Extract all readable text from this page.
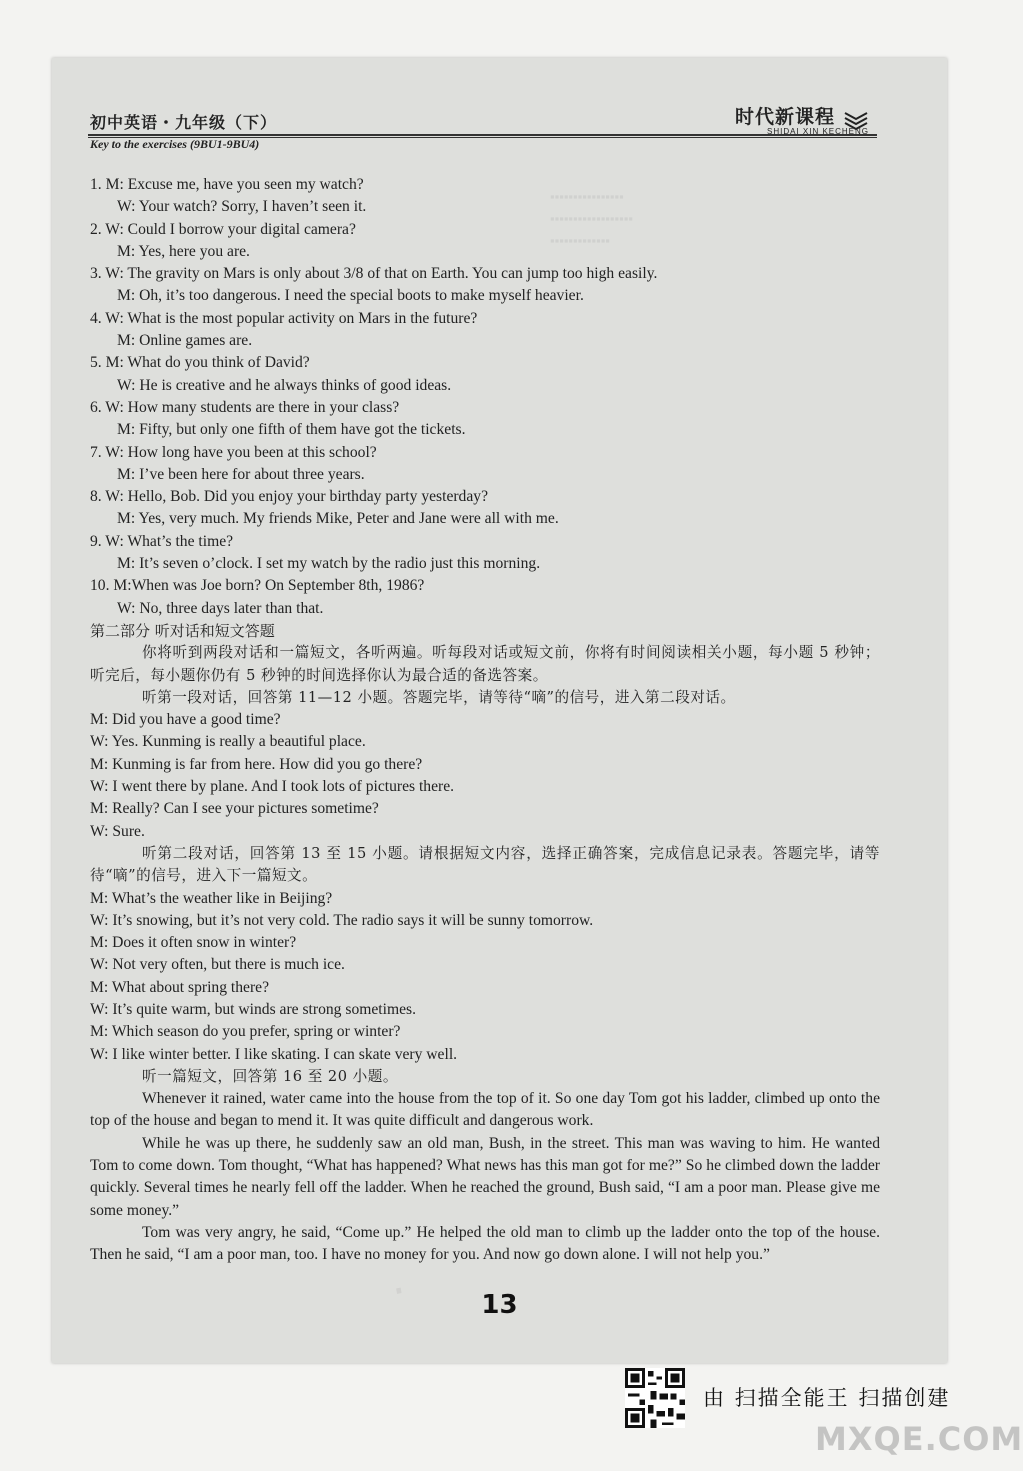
初中英语・九年级（下）
Key to the exercises (9BU1-9BU4)
时代新课程
SHIDAI XIN KECHENG
▪▪▪▪▪▪▪▪▪▪▪▪▪▪▪▪
▪▪▪▪▪▪▪▪▪▪▪▪▪▪▪▪▪▪
▪▪▪▪▪▪▪▪▪▪▪▪▪
1. M: Excuse me, have you seen my watch?
W: Your watch? Sorry, I haven’t seen it.
2. W: Could I borrow your digital camera?
M: Yes, here you are.
3. W: The gravity on Mars is only about 3/8 of that on Earth. You can jump too high easily.
M: Oh, it’s too dangerous. I need the special boots to make myself heavier.
4. W: What is the most popular activity on Mars in the future?
M: Online games are.
5. M: What do you think of David?
W: He is creative and he always thinks of good ideas.
6. W: How many students are there in your class?
M: Fifty, but only one fifth of them have got the tickets.
7. W: How long have you been at this school?
M: I’ve been here for about three years.
8. W: Hello, Bob. Did you enjoy your birthday party yesterday?
M: Yes, very much. My friends Mike, Peter and Jane were all with me.
9. W: What’s the time?
M: It’s seven o’clock. I set my watch by the radio just this morning.
10. M:When was Joe born? On September 8th, 1986?
W: No, three days later than that.
第二部分 听对话和短文答题
你将听到两段对话和一篇短文，各听两遍。听每段对话或短文前，你将有时间阅读相关小题，每小题 5 秒钟；听完后，每小题你仍有 5 秒钟的时间选择你认为最合适的备选答案。
听第一段对话，回答第 11—12 小题。答题完毕，请等待“嘀”的信号，进入第二段对话。
M: Did you have a good time?
W: Yes. Kunming is really a beautiful place.
M: Kunming is far from here. How did you go there?
W: I went there by plane. And I took lots of pictures there.
M: Really? Can I see your pictures sometime?
W: Sure.
听第二段对话，回答第 13 至 15 小题。请根据短文内容，选择正确答案，完成信息记录表。答题完毕，请等待“嘀”的信号，进入下一篇短文。
M: What’s the weather like in Beijing?
W: It’s snowing, but it’s not very cold. The radio says it will be sunny tomorrow.
M: Does it often snow in winter?
W: Not very often, but there is much ice.
M: What about spring there?
W: It’s quite warm, but winds are strong sometimes.
M: Which season do you prefer, spring or winter?
W: I like winter better. I like skating. I can skate very well.
听一篇短文，回答第 16 至 20 小题。
Whenever it rained, water came into the house from the top of it. So one day Tom got his ladder, climbed up onto the top of the house and began to mend it. It was quite difficult and dangerous work.
While he was up there, he suddenly saw an old man, Bush, in the street. This man was waving to him. He wanted Tom to come down. Tom thought, “What has happened? What news has this man got for me?” So he climbed down the ladder quickly. Several times he nearly fell off the ladder. When he reached the ground, Bush said, “I am a poor man. Please give me some money.”
Tom was very angry, he said, “Come up.” He helped the old man to climb up the ladder onto the top of the house. Then he said, “I am a poor man, too. I have no money for you. And now go down alone. I will not help you.”
·	13
由 扫描全能王 扫描创建
MXQE.COM
